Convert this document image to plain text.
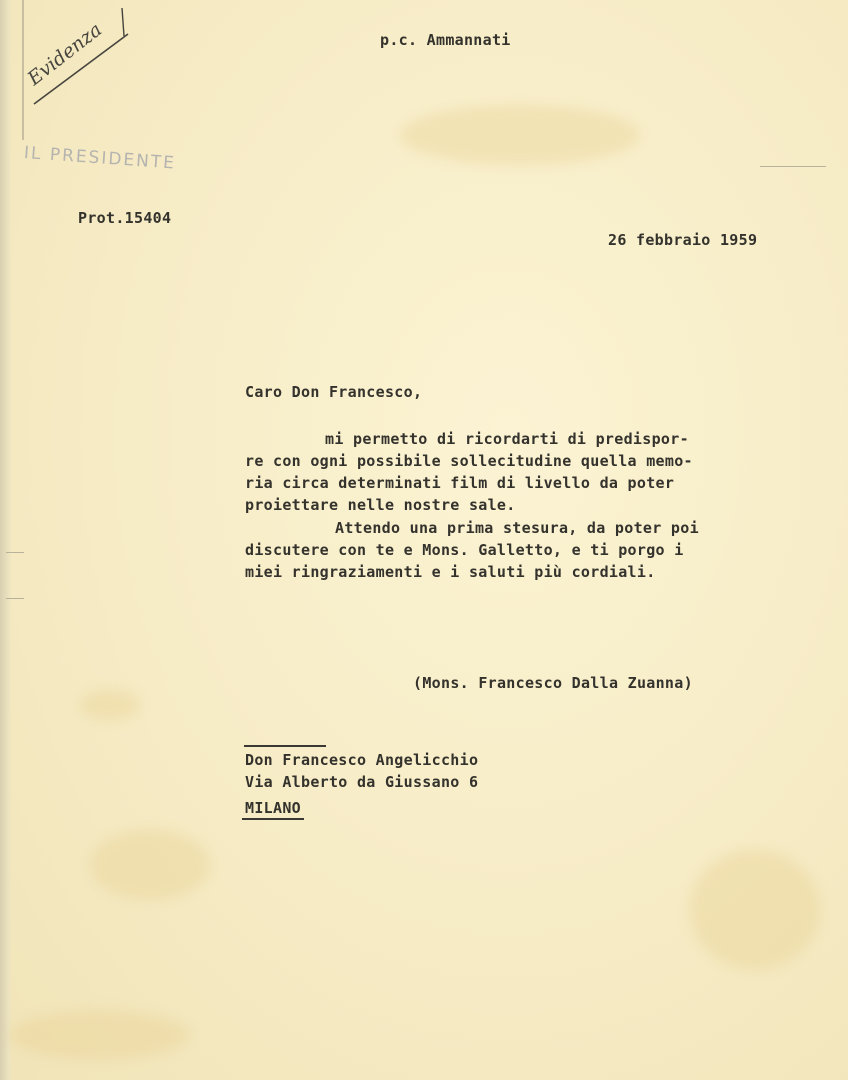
Evidenza
IL PRESIDENTE
p.c. Ammannati
Prot.15404
26 febbraio 1959
Caro Don Francesco,
mi permetto di ricordarti di predispor-
re con ogni possibile sollecitudine quella memo-
ria circa determinati film di livello da poter
proiettare nelle nostre sale.
Attendo una prima stesura, da poter poi
discutere con te e Mons. Galletto, e ti porgo i
miei ringraziamenti e i saluti più cordiali.
(Mons. Francesco Dalla Zuanna)
Don Francesco Angelicchio
Via Alberto da Giussano 6
MILANO
